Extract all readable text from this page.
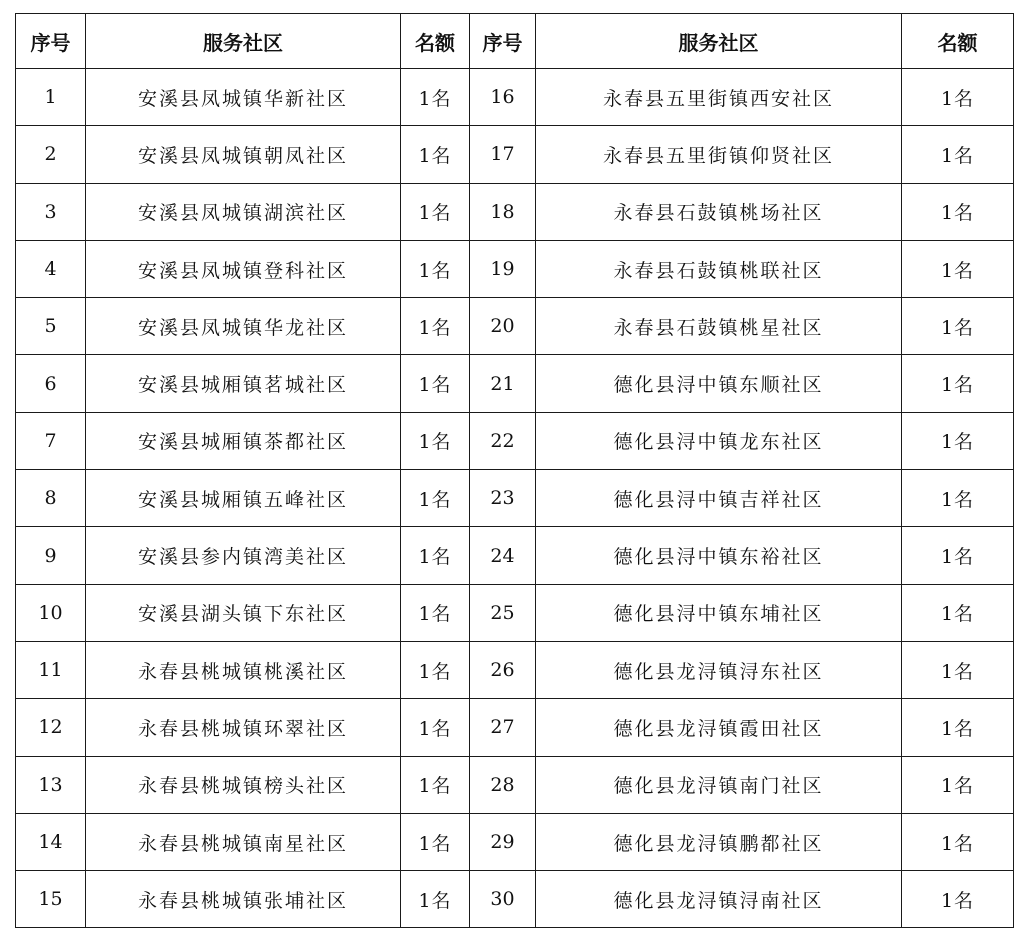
序号	服务社区	名额	序号	服务社区	名额
1	安溪县凤城镇华新社区	1名	16	永春县五里街镇西安社区	1名
2	安溪县凤城镇朝凤社区	1名	17	永春县五里街镇仰贤社区	1名
3	安溪县凤城镇湖滨社区	1名	18	永春县石鼓镇桃场社区	1名
4	安溪县凤城镇登科社区	1名	19	永春县石鼓镇桃联社区	1名
5	安溪县凤城镇华龙社区	1名	20	永春县石鼓镇桃星社区	1名
6	安溪县城厢镇茗城社区	1名	21	德化县浔中镇东顺社区	1名
7	安溪县城厢镇茶都社区	1名	22	德化县浔中镇龙东社区	1名
8	安溪县城厢镇五峰社区	1名	23	德化县浔中镇吉祥社区	1名
9	安溪县参内镇湾美社区	1名	24	德化县浔中镇东裕社区	1名
10	安溪县湖头镇下东社区	1名	25	德化县浔中镇东埔社区	1名
11	永春县桃城镇桃溪社区	1名	26	德化县龙浔镇浔东社区	1名
12	永春县桃城镇环翠社区	1名	27	德化县龙浔镇霞田社区	1名
13	永春县桃城镇榜头社区	1名	28	德化县龙浔镇南门社区	1名
14	永春县桃城镇南星社区	1名	29	德化县龙浔镇鹏都社区	1名
15	永春县桃城镇张埔社区	1名	30	德化县龙浔镇浔南社区	1名
